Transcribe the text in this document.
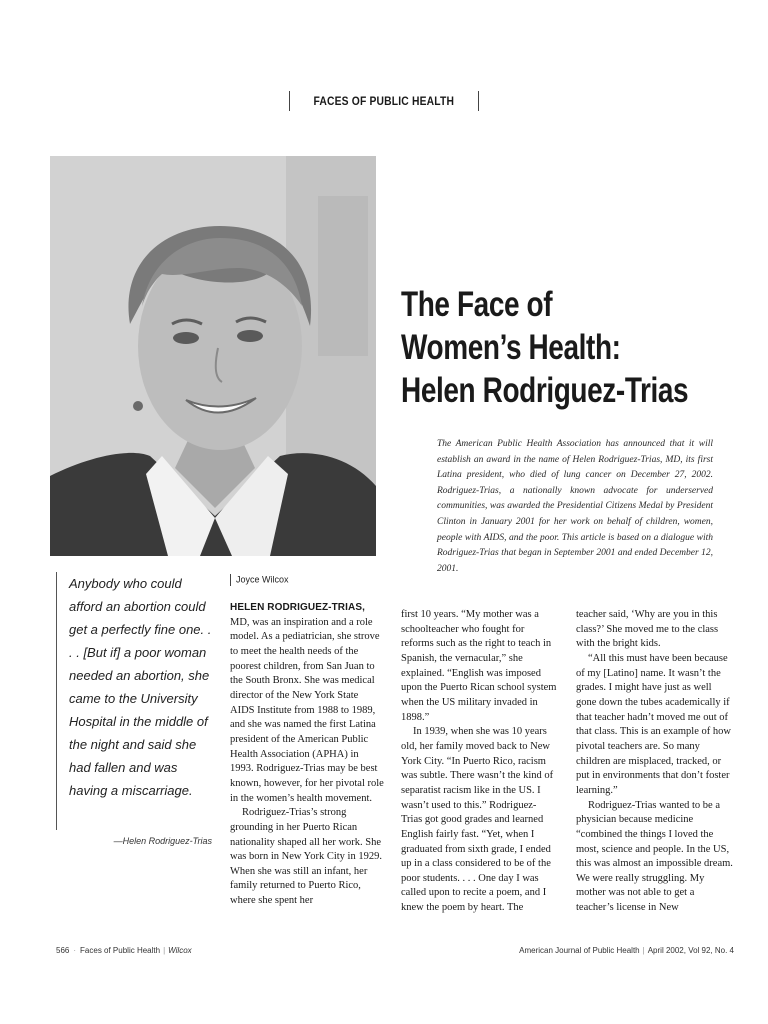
FACES OF PUBLIC HEALTH
The Face of
Women’s Health:
Helen Rodriguez-Trias

The American Public Health Association has announced that it will establish an award in the name of Helen Rodriguez-Trias, MD, its first Latina president, who died of lung cancer on December 27, 2002. Rodriguez-Trias, a nationally known advocate for underserved communities, was awarded the Presidential Citizens Medal by President Clinton in January 2001 for her work on behalf of children, women, people with AIDS, and the poor. This article is based on a dialogue with Rodriguez-Trias that began in September 2001 and ended December 12, 2001.

Anybody who could afford an abortion could get a perfectly fine one. . . . [But if] a poor woman needed an abortion, she came to the University Hospital in the middle of the night and said she had fallen and was having a miscarriage.
—Helen Rodriguez-Trias
Joyce Wilcox
HELEN RODRIGUEZ-TRIAS,

MD, was an inspiration and a role model. As a pediatrician, she strove to meet the health needs of the poorest children, from San Juan to the South Bronx. She was medical director of the New York State AIDS Institute from 1988 to 1989, and she was named the first Latina president of the American Public Health Association (APHA) in 1993. Rodriguez-Trias may be best known, however, for her pivotal role in the women’s health movement.

Rodriguez-Trias’s strong grounding in her Puerto Rican nationality shaped all her work. She was born in New York City in 1929. When she was still an infant, her family returned to Puerto Rico, where she spent her

first 10 years. “My mother was a schoolteacher who fought for reforms such as the right to teach in Spanish, the vernacular,” she explained. “English was imposed upon the Puerto Rican school system when the US military invaded in 1898.”

In 1939, when she was 10 years old, her family moved back to New York City. “In Puerto Rico, racism was subtle. There wasn’t the kind of separatist racism like in the US. I wasn’t used to this.” Rodriguez-Trias got good grades and learned English fairly fast. “Yet, when I graduated from sixth grade, I ended up in a class considered to be of the poor students. . . . One day I was called upon to recite a poem, and I knew the poem by heart. The

teacher said, ‘Why are you in this class?’ She moved me to the class with the bright kids.

“All this must have been because of my [Latino] name. It wasn’t the grades. I might have just as well gone down the tubes academically if that teacher hadn’t moved me out of that class. This is an example of how pivotal teachers are. So many children are misplaced, tracked, or put in environments that don’t foster learning.”

Rodriguez-Trias wanted to be a physician because medicine “combined the things I loved the most, science and people. In the US, this was almost an impossible dream. We were really struggling. My mother was not able to get a teacher’s license in New

566 · Faces of Public Health | Wilcox	American Journal of Public Health | April 2002, Vol 92, No. 4
